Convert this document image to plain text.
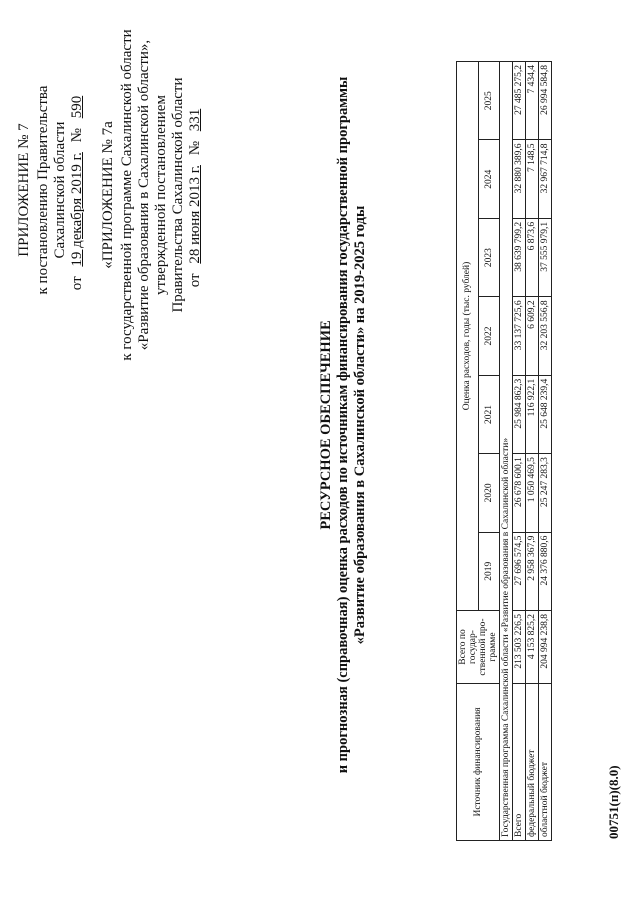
ПРИЛОЖЕНИЕ № 7 к постановлению Правительства Сахалинской области
от 19 декабря 2019 г. № 590
«ПРИЛОЖЕНИЕ № 7а к государственной программе Сахалинской области «Развитие образования в Сахалинской области», утвержденной постановлением Правительства Сахалинской области от 28 июня 2013 г. № 331
РЕСУРСНОЕ ОБЕСПЕЧЕНИЕ и прогнозная (справочная) оценка расходов по источникам финансирования государственной программы «Развитие образования в Сахалинской области» на 2019-2025 годы
Источник финансирования	Всего по государ-ственной про-грамме	Оценка расходов, годы (тыс. рублей)						
		2019	2020	2021	2022	2023	2024	2025
Государственная программа Сахалинской области «Развитие образования в Сахалинской области»								
Всего	213 503 226,5	27 696 574,5	26 678 600,1	25 984 862,3	33 137 725,6	38 639 799,2	32 880 389,6	27 485 275,2
федеральный бюджет	4 153 825,2	2 958 367,9	1 050 469,5	116 922,1	6 609,2	6 873,6	7 148,5	7 434,4
областной бюджет	204 994 238,8	24 376 880,6	25 247 283,3	25 648 239,4	32 203 556,8	37 555 979,1	32 967 714,8	26 994 584,8
00751(п)(8.0)
